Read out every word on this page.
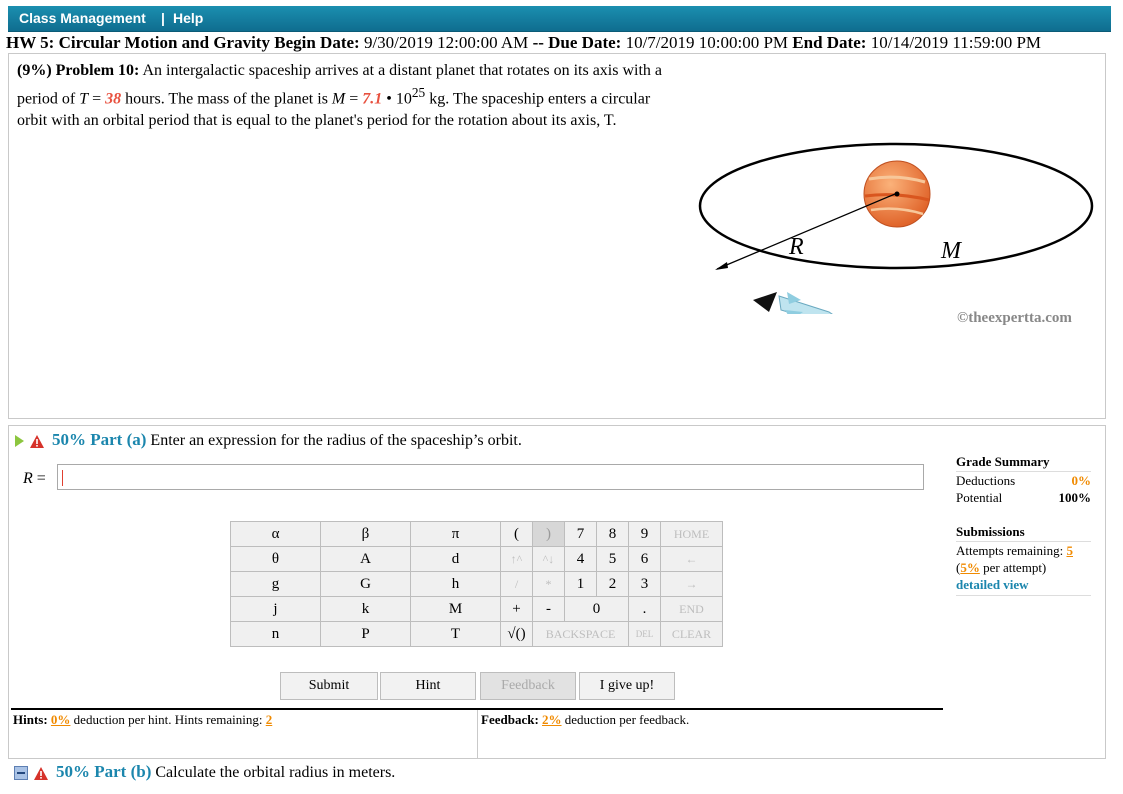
Class Management | Help
HW 5: Circular Motion and Gravity Begin Date: 9/30/2019 12:00:00 AM -- Due Date: 10/7/2019 10:00:00 PM End Date: 10/14/2019 11:59:00 PM
(9%) Problem 10: An intergalactic spaceship arrives at a distant planet that rotates on its axis with a period of T = 38 hours. The mass of the planet is M = 7.1 • $10^{25}$ kg. The spaceship enters a circular orbit with an orbital period that is equal to the planet's period for the rotation about its axis, T.
R	M
©theexpertta.com
50% Part (a) Enter an expression for the radius of the spaceship’s orbit.
R =
α	β	π	(	)	7	8	9	HOME
θ	A	d	↑^	^↓	4	5	6	←
g	G	h	/	*	1	2	3	→
j	k	M	+	-	0		.	END
n	P	T	√()	BACKSPACE			DEL	CLEAR
Submit	Hint	Feedback	I give up!
Hints: 0% deduction per hint. Hints remaining: 2	Feedback: 2% deduction per feedback.
Grade Summary
Deductions	0%
Potential	100%
Submissions
Attempts remaining: 5
(5% per attempt)
detailed view
50% Part (b) Calculate the orbital radius in meters.
